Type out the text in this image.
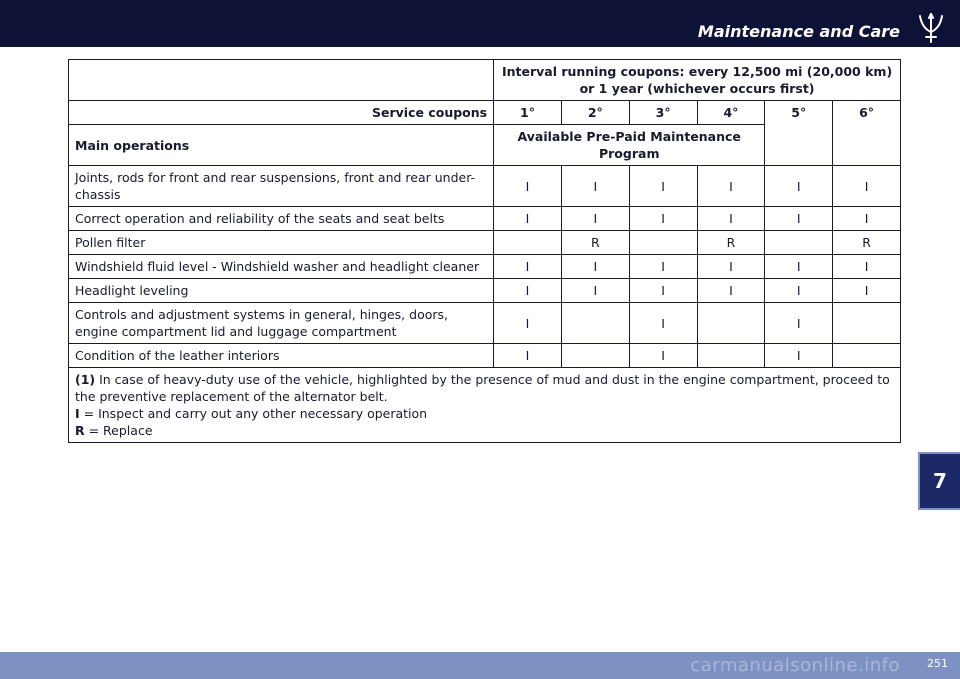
Maintenance and Care
	Interval running coupons: every 12,500 mi (20,000 km) or 1 year (whichever occurs first)					
Service coupons	1°	2°	3°	4°	5°	6°
Main operations	Available Pre-Paid Maintenance Program					
Joints, rods for front and rear suspensions, front and rear under-chassis	I	I	I	I	I	I
Correct operation and reliability of the seats and seat belts	I	I	I	I	I	I
Pollen filter		R		R		R
Windshield fluid level - Windshield washer and headlight cleaner	I	I	I	I	I	I
Headlight leveling	I	I	I	I	I	I
Controls and adjustment systems in general, hinges, doors, engine compartment lid and luggage compartment	I		I		I	
Condition of the leather interiors	I		I		I	

(1) In case of heavy-duty use of the vehicle, highlighted by the presence of mud and dust in the engine compartment, proceed to the preventive replacement of the alternator belt.

I = Inspect and carry out any other necessary operation

R = Replace						

7
carmanualsonline.info 251
